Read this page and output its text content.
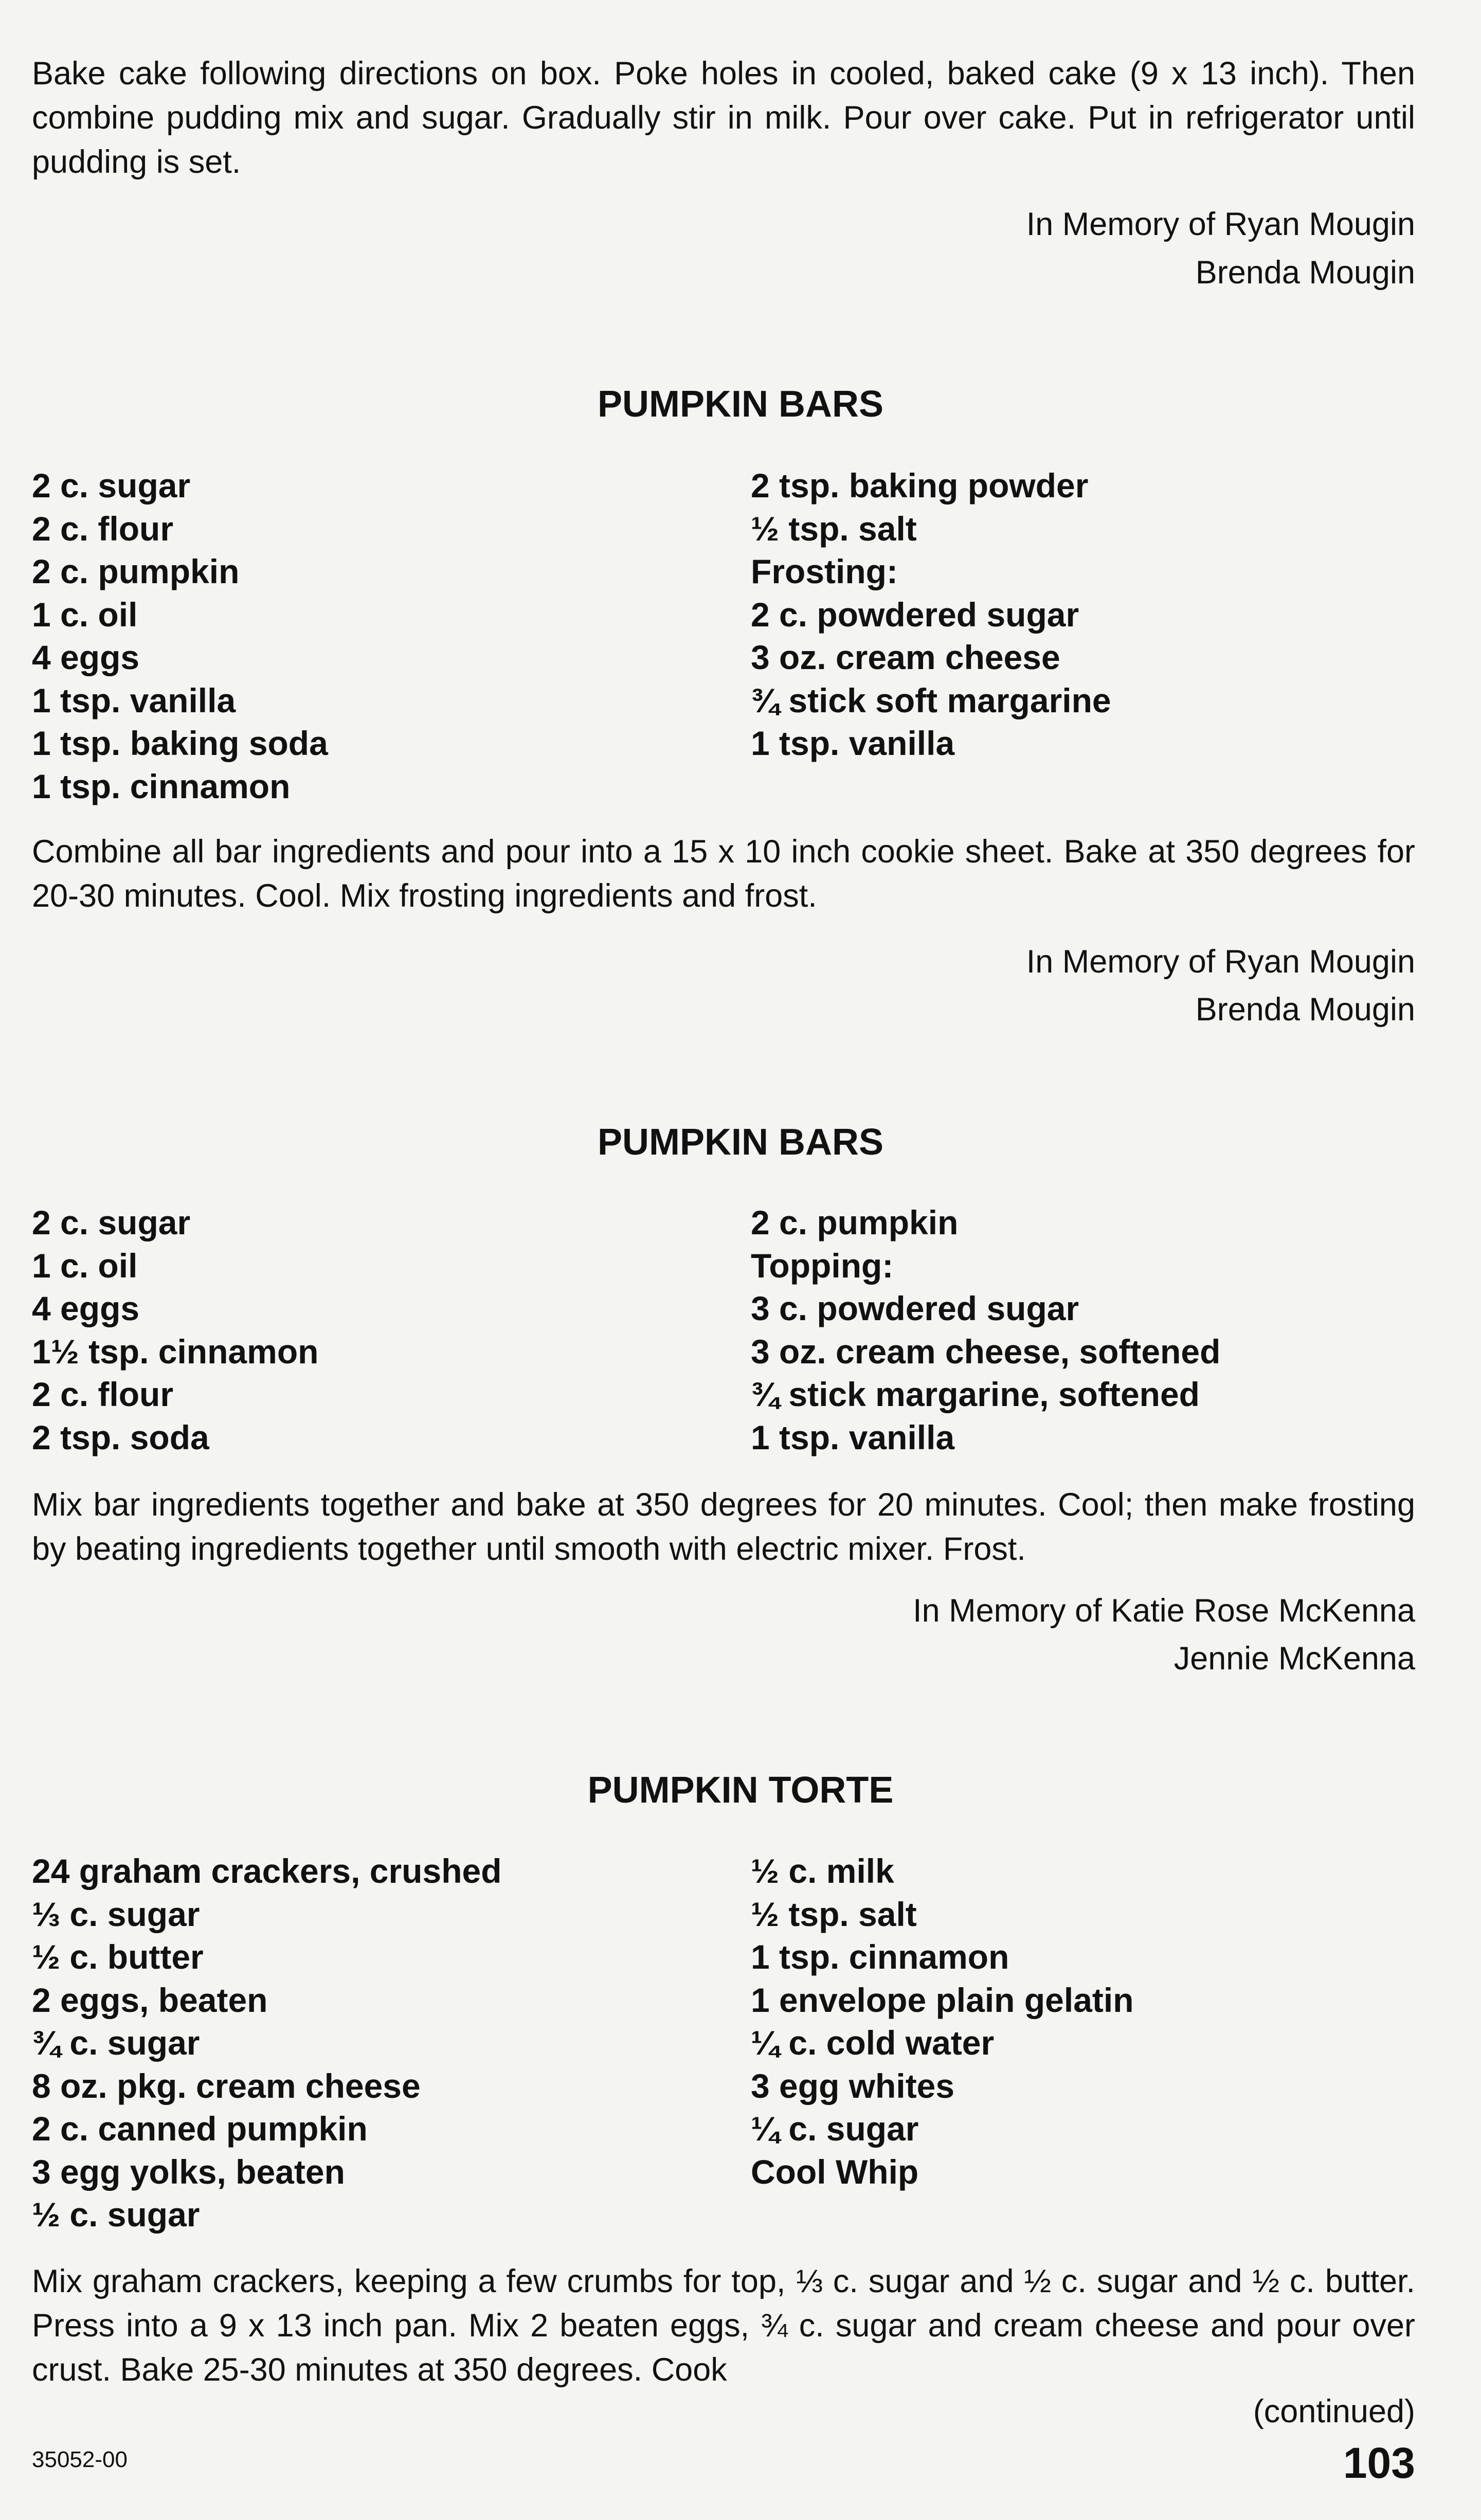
Bake cake following directions on box. Poke holes in cooled, baked cake (9 x 13 inch). Then combine pudding mix and sugar. Gradually stir in milk. Pour over cake. Put in refrigerator until pudding is set.

In Memory of Ryan Mougin
Brenda Mougin
PUMPKIN BARS
2 c. sugar
2 c. flour
2 c. pumpkin
1 c. oil
4 eggs
1 tsp. vanilla
1 tsp. baking soda
1 tsp. cinnamon
2 tsp. baking powder
½ tsp. salt
Frosting:
2 c. powdered sugar
3 oz. cream cheese
¾ stick soft margarine
1 tsp. vanilla

Combine all bar ingredients and pour into a 15 x 10 inch cookie sheet. Bake at 350 degrees for 20-30 minutes. Cool. Mix frosting ingredients and frost.

In Memory of Ryan Mougin
Brenda Mougin
PUMPKIN BARS
2 c. sugar
1 c. oil
4 eggs
1½ tsp. cinnamon
2 c. flour
2 tsp. soda
2 c. pumpkin
Topping:
3 c. powdered sugar
3 oz. cream cheese, softened
¾ stick margarine, softened
1 tsp. vanilla

Mix bar ingredients together and bake at 350 degrees for 20 minutes. Cool; then make frosting by beating ingredients together until smooth with electric mixer. Frost.

In Memory of Katie Rose McKenna
Jennie McKenna
PUMPKIN TORTE
24 graham crackers, crushed
⅓ c. sugar
½ c. butter
2 eggs, beaten
¾ c. sugar
8 oz. pkg. cream cheese
2 c. canned pumpkin
3 egg yolks, beaten
½ c. sugar
½ c. milk
½ tsp. salt
1 tsp. cinnamon
1 envelope plain gelatin
¼ c. cold water
3 egg whites
¼ c. sugar
Cool Whip

Mix graham crackers, keeping a few crumbs for top, ⅓ c. sugar and ½ c. sugar and ½ c. butter. Press into a 9 x 13 inch pan. Mix 2 beaten eggs, ¾ c. sugar and cream cheese and pour over crust. Bake 25-30 minutes at 350 degrees. Cook

(continued)
35052-00	103
